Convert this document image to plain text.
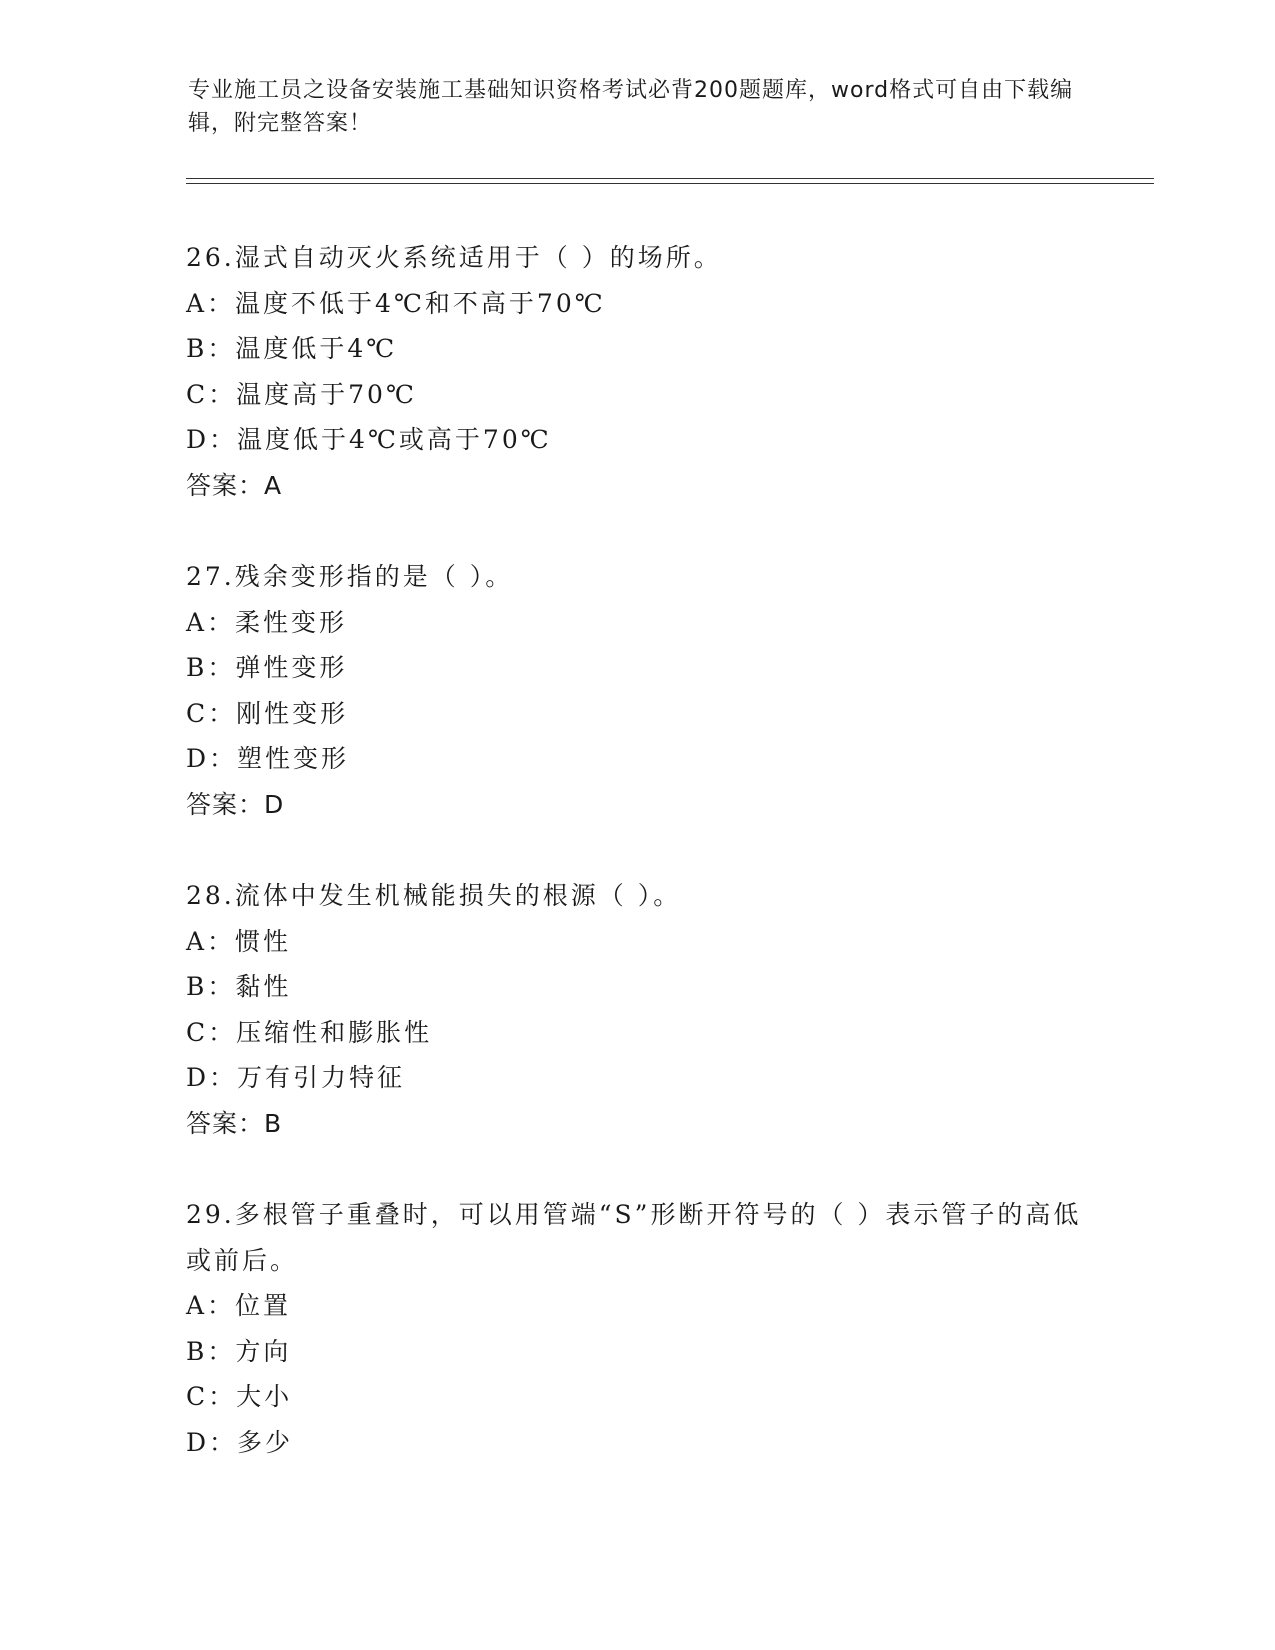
专业施工员之设备安装施工基础知识资格考试必背200题题库，word格式可自由下载编辑，附完整答案！
26.湿式自动灭火系统适用于（ ）的场所。
A：温度不低于4℃和不高于70℃
B：温度低于4℃
C：温度高于70℃
D：温度低于4℃或高于70℃
答案：A
27.残余变形指的是（ ）。
A：柔性变形
B：弹性变形
C：刚性变形
D：塑性变形
答案：D
28.流体中发生机械能损失的根源（ ）。
A：惯性
B：黏性
C：压缩性和膨胀性
D：万有引力特征
答案：B
29.多根管子重叠时，可以用管端“S”形断开符号的（ ）表示管子的高低或前后。
A：位置
B：方向
C：大小
D：多少
